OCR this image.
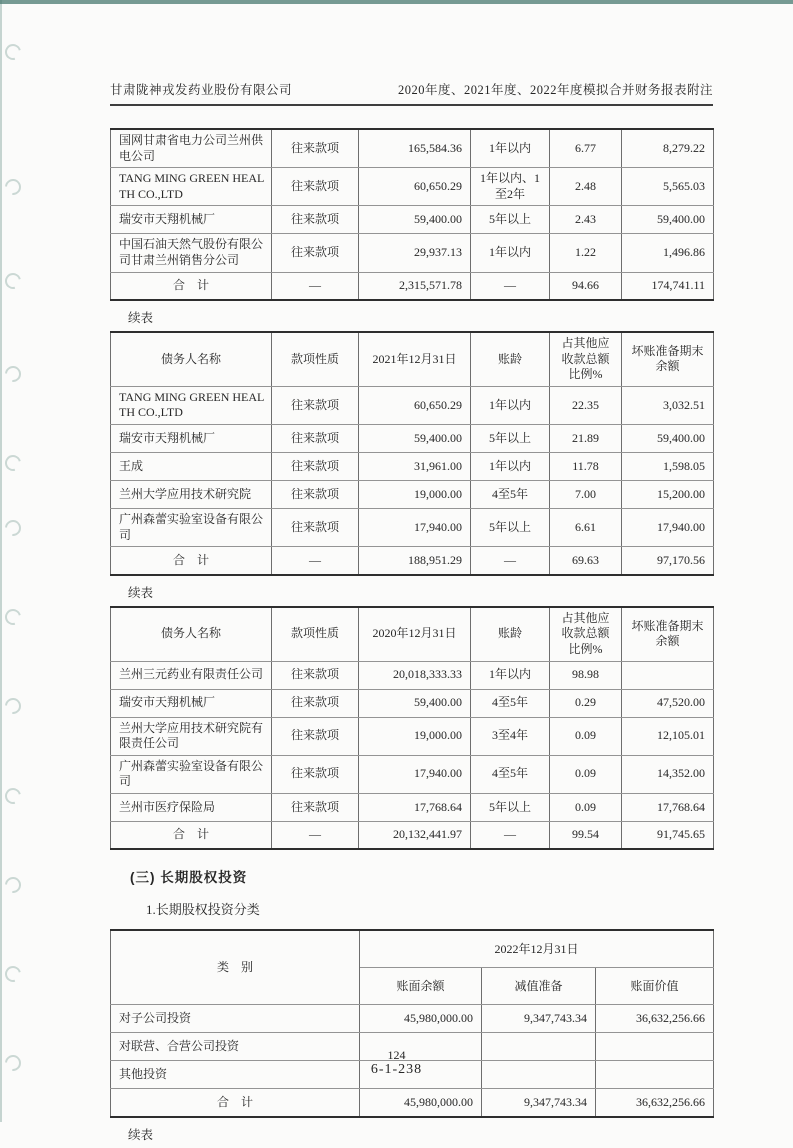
甘肃陇神戎发药业股份有限公司	2020年度、2021年度、2022年度模拟合并财务报表附注
国网甘肃省电力公司兰州供电公司	往来款项	165,584.36	1年以内	6.77	8,279.22
TANG MING GREEN HEALTH CO.,LTD	往来款项	60,650.29	1年以内、1至2年	2.48	5,565.03
瑞安市天翔机械厂	往来款项	59,400.00	5年以上	2.43	59,400.00
中国石油天然气股份有限公司甘肃兰州销售分公司	往来款项	29,937.13	1年以内	1.22	1,496.86
合　计	—	2,315,571.78	—	94.66	174,741.11
续表
债务人名称	款项性质	2021年12月31日	账龄	占其他应收款总额比例%	坏账准备期末余额
TANG MING GREEN HEALTH CO.,LTD	往来款项	60,650.29	1年以内	22.35	3,032.51
瑞安市天翔机械厂	往来款项	59,400.00	5年以上	21.89	59,400.00
王成	往来款项	31,961.00	1年以内	11.78	1,598.05
兰州大学应用技术研究院	往来款项	19,000.00	4至5年	7.00	15,200.00
广州森蕾实验室设备有限公司	往来款项	17,940.00	5年以上	6.61	17,940.00
合　计	—	188,951.29	—	69.63	97,170.56
续表
债务人名称	款项性质	2020年12月31日	账龄	占其他应收款总额比例%	坏账准备期末余额
兰州三元药业有限责任公司	往来款项	20,018,333.33	1年以内	98.98	
瑞安市天翔机械厂	往来款项	59,400.00	4至5年	0.29	47,520.00
兰州大学应用技术研究院有限责任公司	往来款项	19,000.00	3至4年	0.09	12,105.01
广州森蕾实验室设备有限公司	往来款项	17,940.00	4至5年	0.09	14,352.00
兰州市医疗保险局	往来款项	17,768.64	5年以上	0.09	17,768.64
合　计	—	20,132,441.97	—	99.54	91,745.65
(三) 长期股权投资
1.长期股权投资分类
类　别	2022年12月31日		
	账面余额	减值准备	账面价值
对子公司投资	45,980,000.00	9,347,743.34	36,632,256.66
对联营、合营公司投资			
其他投资			
合　计	45,980,000.00	9,347,743.34	36,632,256.66
续表
124
6-1-238
